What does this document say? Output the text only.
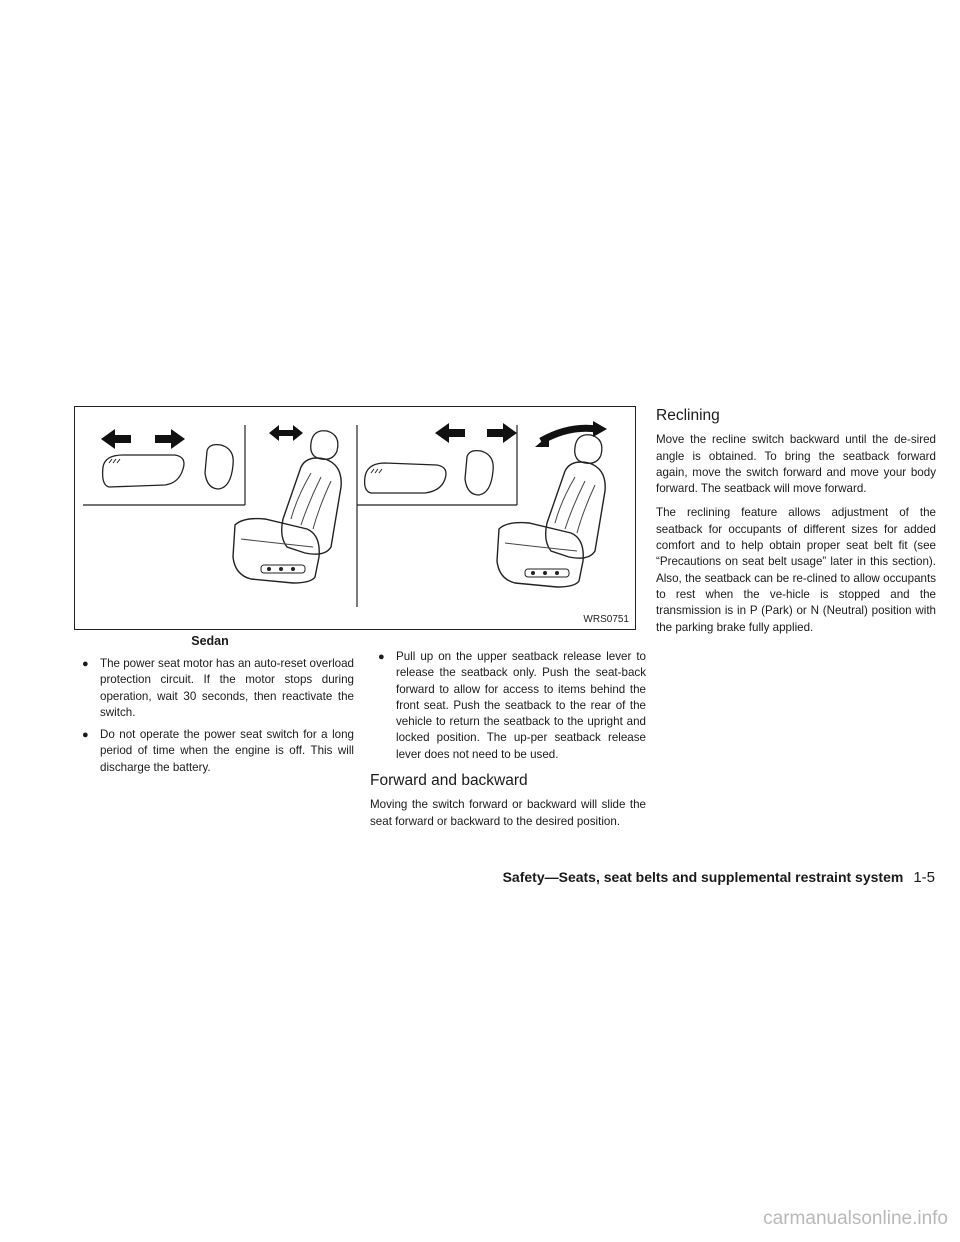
WRS0751
Sedan
● The power seat motor has an auto-reset overload protection circuit. If the motor stops during operation, wait 30 seconds, then reactivate the switch.
● Do not operate the power seat switch for a long period of time when the engine is off. This will discharge the battery.
● Pull up on the upper seatback release lever to release the seatback only. Push the seat-back forward to allow for access to items behind the front seat. Push the seatback to the rear of the vehicle to return the seatback to the upright and locked position. The up-per seatback release lever does not need to be used.
Forward and backward

Moving the switch forward or backward will slide the seat forward or backward to the desired position.

Reclining

Move the recline switch backward until the de-sired angle is obtained. To bring the seatback forward again, move the switch forward and move your body forward. The seatback will move forward.

The reclining feature allows adjustment of the seatback for occupants of different sizes for added comfort and to help obtain proper seat belt fit (see “Precautions on seat belt usage” later in this section). Also, the seatback can be re-clined to allow occupants to rest when the ve-hicle is stopped and the transmission is in P (Park) or N (Neutral) position with the parking brake fully applied.

Safety—Seats, seat belts and supplemental restraint system 1-5
carmanualsonline.info
